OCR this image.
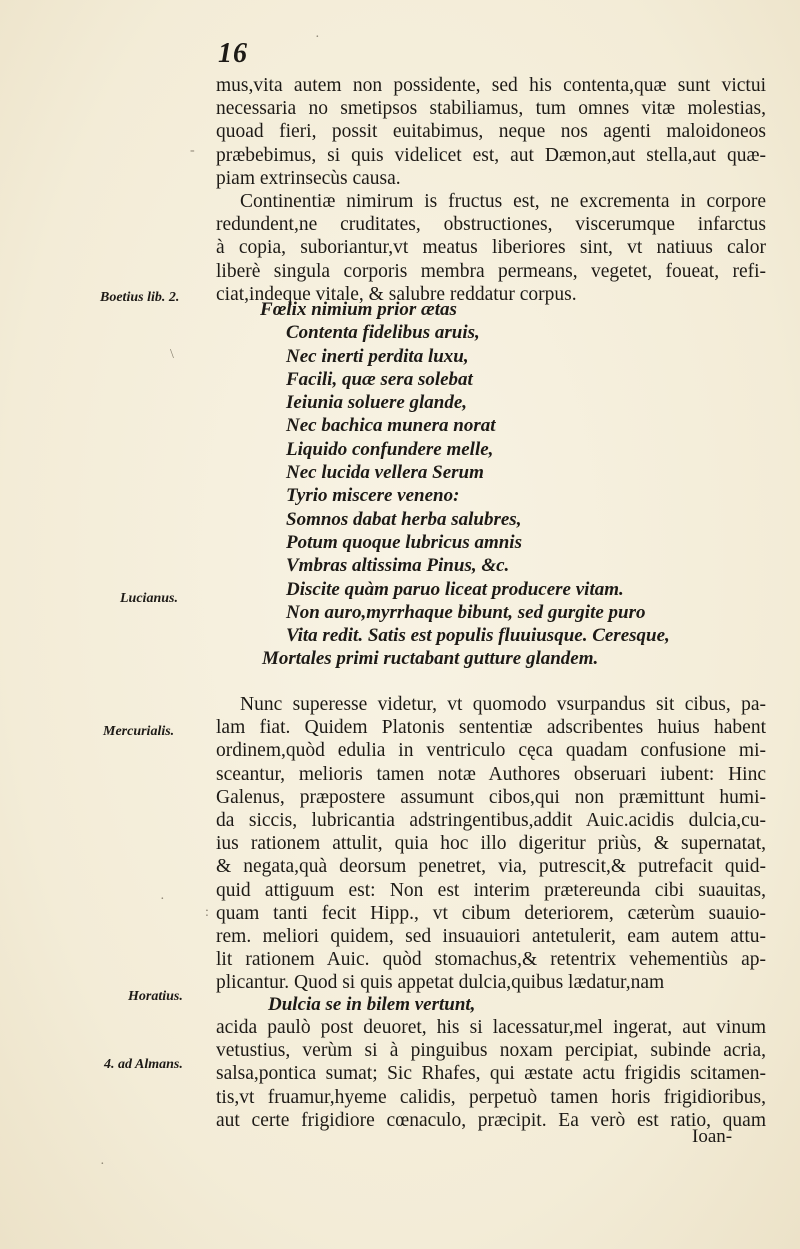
16
mus,vita autem non possidente, sed his contenta,quæ sunt victui
necessaria no smetipsos stabiliamus, tum omnes vitæ molestias,
quoad fieri, possit euitabimus, neque nos agenti maloidoneos
præbebimus, si quis videlicet est, aut Dæmon,aut stella,aut quæ-
piam extrinsecùs causa.
Continentiæ nimirum is fructus est, ne excrementa in corpore
redundent,ne cruditates, obstructiones, viscerumque infarctus
à copia, suboriantur,vt meatus liberiores sint, vt natiuus calor
liberè singula corporis membra permeans, vegetet, foueat, refi-
ciat,indeque vitale, & salubre reddatur corpus.
Fœlix nimium prior ætas
Contenta fidelibus aruis,
Nec inerti perdita luxu,
Facili, quæ sera solebat
Ieiunia soluere glande,
Nec bachica munera norat
Liquido confundere melle,
Nec lucida vellera Serum
Tyrio miscere veneno:
Somnos dabat herba salubres,
Potum quoque lubricus amnis
Vmbras altissima Pinus, &c.
Discite quàm paruo liceat producere vitam.
Non auro,myrrhaque bibunt, sed gurgite puro
Vita redit. Satis est populis fluuiusque. Ceresque,
Mortales primi ructabant gutture glandem.
Nunc superesse videtur, vt quomodo vsurpandus sit cibus, pa-
lam fiat. Quidem Platonis sententiæ adscribentes huius habent
ordinem,quòd edulia in ventriculo cęca quadam confusione mi-
sceantur, melioris tamen notæ Authores obseruari iubent: Hinc
Galenus, præpostere assumunt cibos,qui non præmittunt humi-
da siccis, lubricantia adstringentibus,addit Auic.acidis dulcia,cu-
ius rationem attulit, quia hoc illo digeritur priùs, & supernatat,
& negata,quà deorsum penetret, via, putrescit,& putrefacit quid-
quid attiguum est: Non est interim prætereunda cibi suauitas,
quam tanti fecit Hipp., vt cibum deteriorem, cæterùm suauio-
rem. meliori quidem, sed insuauiori antetulerit, eam autem attu-
lit rationem Auic. quòd stomachus,& retentrix vehementiùs ap-
plicantur. Quod si quis appetat dulcia,quibus lædatur,nam
Dulcia se in bilem vertunt,
acida paulò post deuoret, his si lacessatur,mel ingerat, aut vinum
vetustius, verùm si à pinguibus noxam percipiat, subinde acria,
salsa,pontica sumat; Sic Rhafes, qui æstate actu frigidis scitamen-
tis,vt fruamur,hyeme calidis, perpetuò tamen horis frigidioribus,
aut certe frigidiore cœnaculo, præcipit. Ea verò est ratio, quam
Ioan-
Boetius lib. 2.
Lucianus.
Mercurialis.
Horatius.
4. ad Almans.
·
-
\
·
:
·
